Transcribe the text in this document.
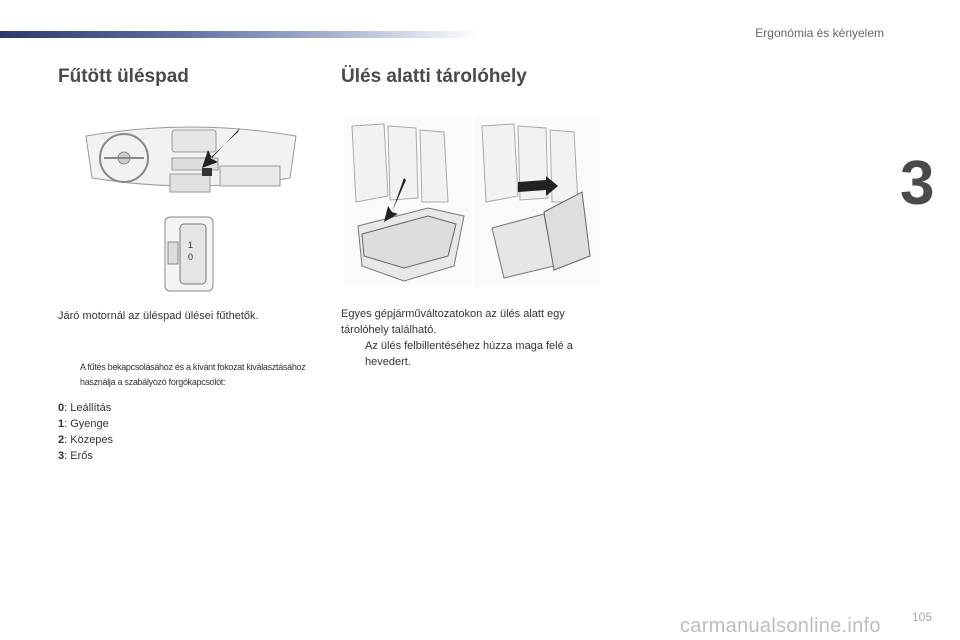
Ergonómia és kényelem
3
Fűtött üléspad	Ülés alatti tárolóhely
1
0

Járó motornál az üléspad ülései fűthetők.

A fűtés bekapcsolásához és a kívánt fokozat kiválasztásához használja a szabályozó forgókapcsolót:
0: Leállítás
1: Gyenge
2: Közepes
3: Erős

Egyes gépjárműváltozatokon az ülés alatt egy tárolóhely található.

Az ülés felbillentéséhez húzza maga felé a hevedert.
105
carmanualsonline.info
